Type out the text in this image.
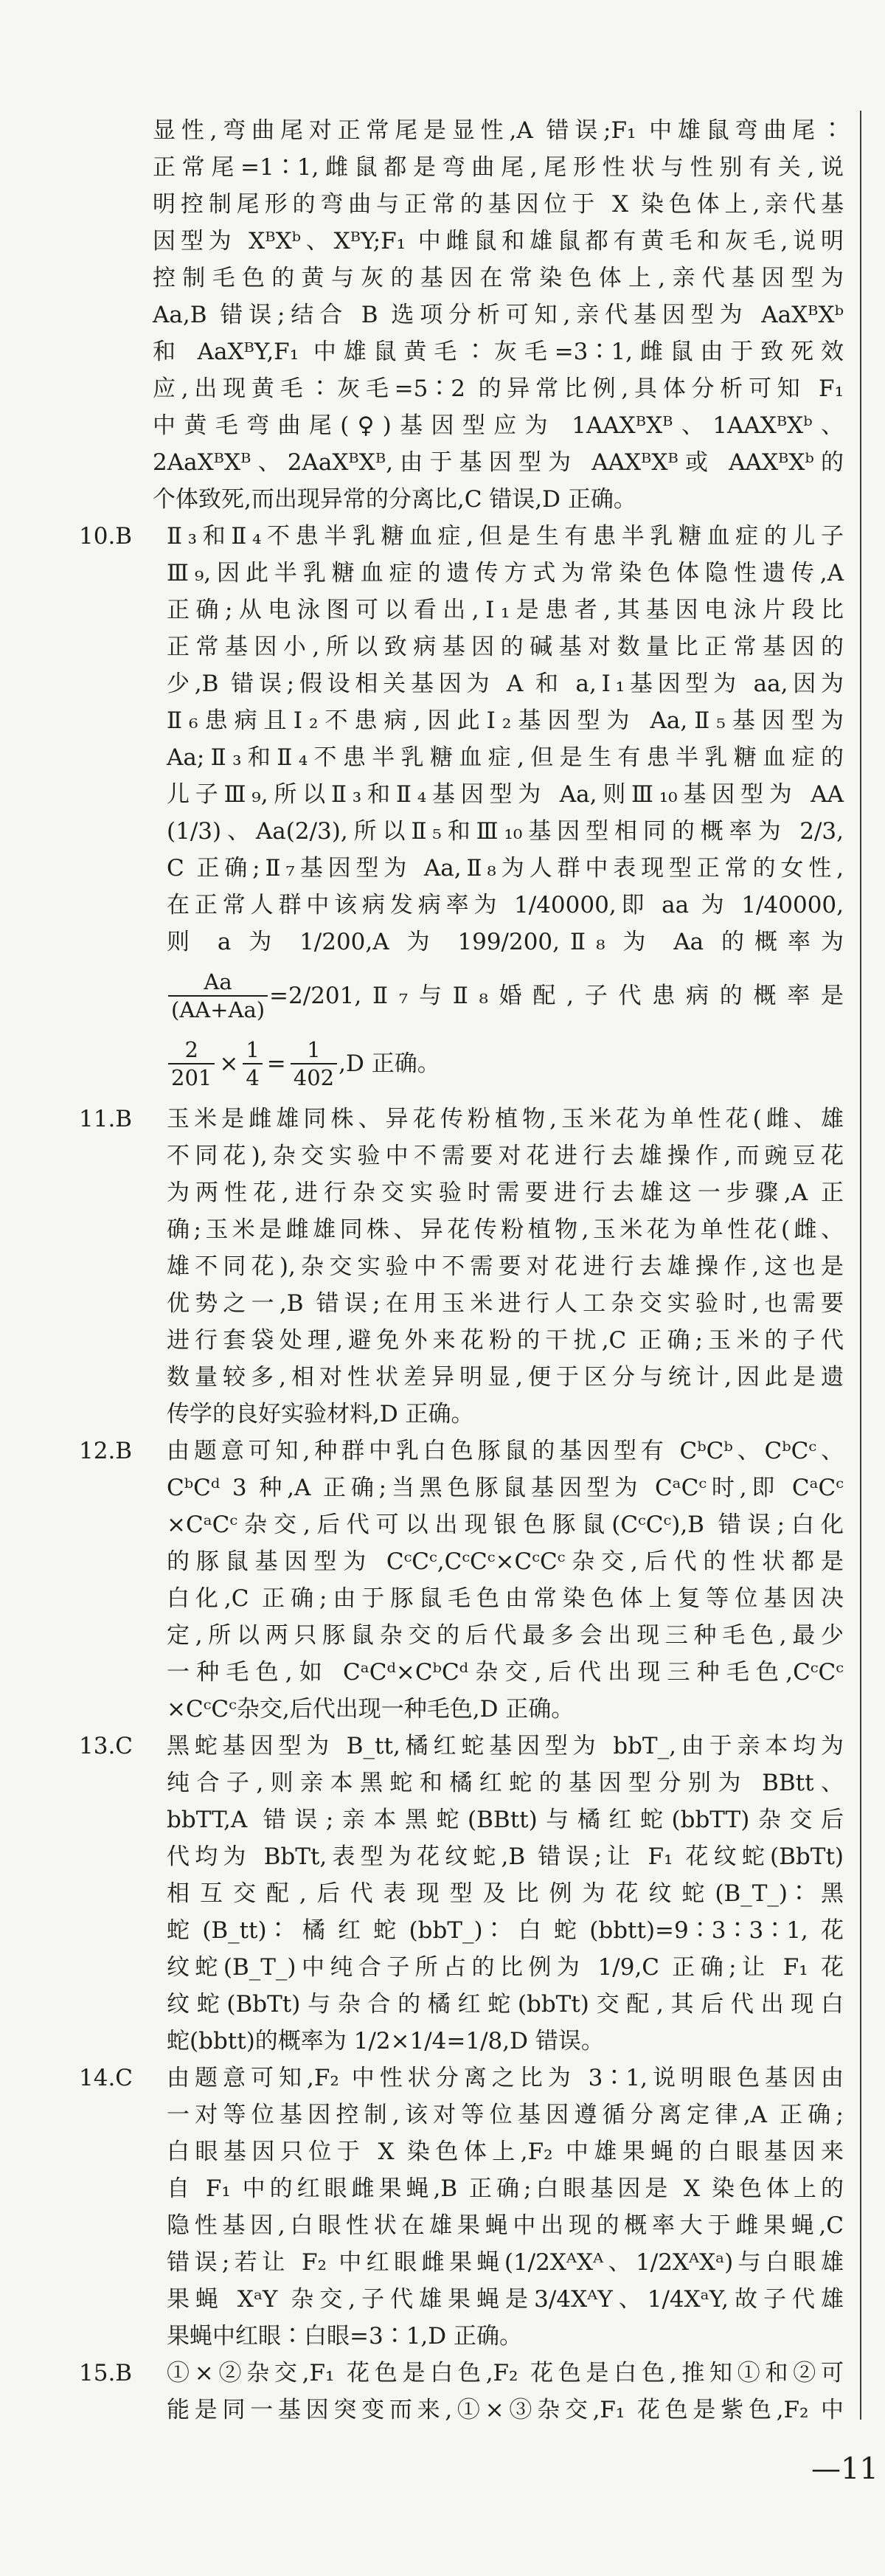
显性,弯曲尾对正常尾是显性,A 错误;F₁ 中雄鼠弯曲尾∶
正常尾=1∶1,雌鼠都是弯曲尾,尾形性状与性别有关,说
明控制尾形的弯曲与正常的基因位于 X 染色体上,亲代基
因型为 XᴮXᵇ、XᴮY;F₁ 中雌鼠和雄鼠都有黄毛和灰毛,说明
控制毛色的黄与灰的基因在常染色体上,亲代基因型为
Aa,B 错误;结合 B 选项分析可知,亲代基因型为 AaXᴮXᵇ
和 AaXᴮY,F₁ 中雄鼠黄毛∶灰毛=3∶1,雌鼠由于致死效
应,出现黄毛∶灰毛=5∶2 的异常比例,具体分析可知 F₁
中黄毛弯曲尾(♀)基因型应为 1AAXᴮXᴮ、1AAXᴮXᵇ、
2AaXᴮXᴮ、2AaXᴮXᴮ,由于基因型为 AAXᴮXᴮ或 AAXᴮXᵇ的
个体致死,而出现异常的分离比,C 错误,D 正确。
10.B Ⅱ₃和Ⅱ₄不患半乳糖血症,但是生有患半乳糖血症的儿子
Ⅲ₉,因此半乳糖血症的遗传方式为常染色体隐性遗传,A
正确;从电泳图可以看出,Ⅰ₁是患者,其基因电泳片段比
正常基因小,所以致病基因的碱基对数量比正常基因的
少,B 错误;假设相关基因为 A 和 a,Ⅰ₁基因型为 aa,因为
Ⅱ₆患病且Ⅰ₂不患病,因此Ⅰ₂基因型为 Aa,Ⅱ₅基因型为
Aa;Ⅱ₃和Ⅱ₄不患半乳糖血症,但是生有患半乳糖血症的
儿子Ⅲ₉,所以Ⅱ₃和Ⅱ₄基因型为 Aa,则Ⅲ₁₀基因型为 AA
(1/3)、Aa(2/3),所以Ⅱ₅和Ⅲ₁₀基因型相同的概率为 2/3,
C 正确;Ⅱ₇基因型为 Aa,Ⅱ₈为人群中表现型正常的女性,
在正常人群中该病发病率为 1/40000,即 aa 为 1/40000,
则 a 为 1/200,A 为 199/200,Ⅱ₈ 为 Aa 的概率为
$\frac{Aa}{(AA+Aa)}$ =2/201,Ⅱ₇与Ⅱ₈婚配,子代患病的概率是
$\frac{2}{201} \times \frac{1}{4} = \frac{1}{402} ,D$ 正确。
11.B 玉米是雌雄同株、异花传粉植物,玉米花为单性花(雌、雄
不同花),杂交实验中不需要对花进行去雄操作,而豌豆花
为两性花,进行杂交实验时需要进行去雄这一步骤,A 正
确;玉米是雌雄同株、异花传粉植物,玉米花为单性花(雌、
雄不同花),杂交实验中不需要对花进行去雄操作,这也是
优势之一,B 错误;在用玉米进行人工杂交实验时,也需要
进行套袋处理,避免外来花粉的干扰,C 正确;玉米的子代
数量较多,相对性状差异明显,便于区分与统计,因此是遗
传学的良好实验材料,D 正确。
12.B 由题意可知,种群中乳白色豚鼠的基因型有 CᵇCᵇ、CᵇCᶜ、
CᵇCᵈ 3 种,A 正确;当黑色豚鼠基因型为 CᵃCᶜ时,即 CᵃCᶜ
×CᵃCᶜ杂交,后代可以出现银色豚鼠(CᶜCᶜ),B 错误;白化
的豚鼠基因型为 CᶜCᶜ,CᶜCᶜ×CᶜCᶜ杂交,后代的性状都是
白化,C 正确;由于豚鼠毛色由常染色体上复等位基因决
定,所以两只豚鼠杂交的后代最多会出现三种毛色,最少
一种毛色,如 CᵃCᵈ×CᵇCᵈ杂交,后代出现三种毛色,CᶜCᶜ
×CᶜCᶜ杂交,后代出现一种毛色,D 正确。
13.C 黑蛇基因型为 B_tt,橘红蛇基因型为 bbT_,由于亲本均为
纯合子,则亲本黑蛇和橘红蛇的基因型分别为 BBtt、
bbTT,A 错误;亲本黑蛇(BBtt)与橘红蛇(bbTT)杂交后
代均为 BbTt,表型为花纹蛇,B 错误;让 F₁ 花纹蛇(BbTt)
相互交配,后代表现型及比例为花纹蛇(B_T_)∶黑
蛇(B_tt)∶橘红蛇(bbT_)∶白蛇(bbtt)=9∶3∶3∶1,花
纹蛇(B_T_)中纯合子所占的比例为 1/9,C 正确;让 F₁ 花
纹蛇(BbTt)与杂合的橘红蛇(bbTt)交配,其后代出现白
蛇(bbtt)的概率为 1/2×1/4=1/8,D 错误。
14.C 由题意可知,F₂ 中性状分离之比为 3∶1,说明眼色基因由
一对等位基因控制,该对等位基因遵循分离定律,A 正确;
白眼基因只位于 X 染色体上,F₂ 中雄果蝇的白眼基因来
自 F₁ 中的红眼雌果蝇,B 正确;白眼基因是 X 染色体上的
隐性基因,白眼性状在雄果蝇中出现的概率大于雌果蝇,C
错误;若让 F₂ 中红眼雌果蝇(1/2XᴬXᴬ、1/2XᴬXᵃ)与白眼雄
果蝇 XᵃY 杂交,子代雄果蝇是3/4XᴬY、1/4XᵃY,故子代雄
果蝇中红眼∶白眼=3∶1,D 正确。
15.B ①×②杂交,F₁ 花色是白色,F₂ 花色是白色,推知①和②可
能是同一基因突变而来,①×③杂交,F₁ 花色是紫色,F₂ 中
—11
